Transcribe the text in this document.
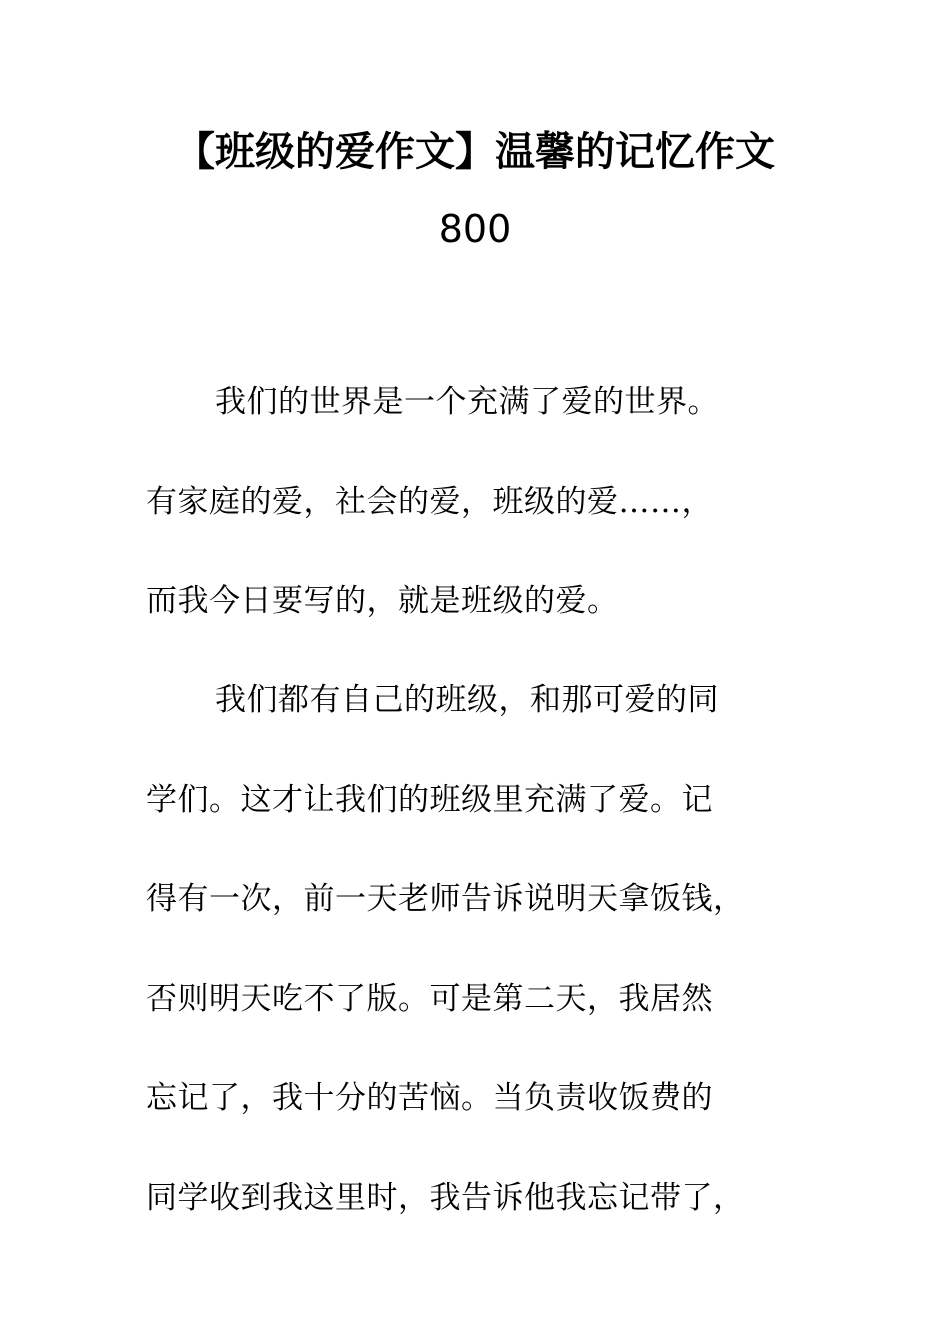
【班级的爱作文】温馨的记忆作文
800
我们的世界是一个充满了爱的世界。
有家庭的爱，社会的爱，班级的爱……，
而我今日要写的，就是班级的爱。
我们都有自己的班级，和那可爱的同
学们。这才让我们的班级里充满了爱。记
得有一次，前一天老师告诉说明天拿饭钱，
否则明天吃不了版。可是第二天，我居然
忘记了，我十分的苦恼。当负责收饭费的
同学收到我这里时，我告诉他我忘记带了，
